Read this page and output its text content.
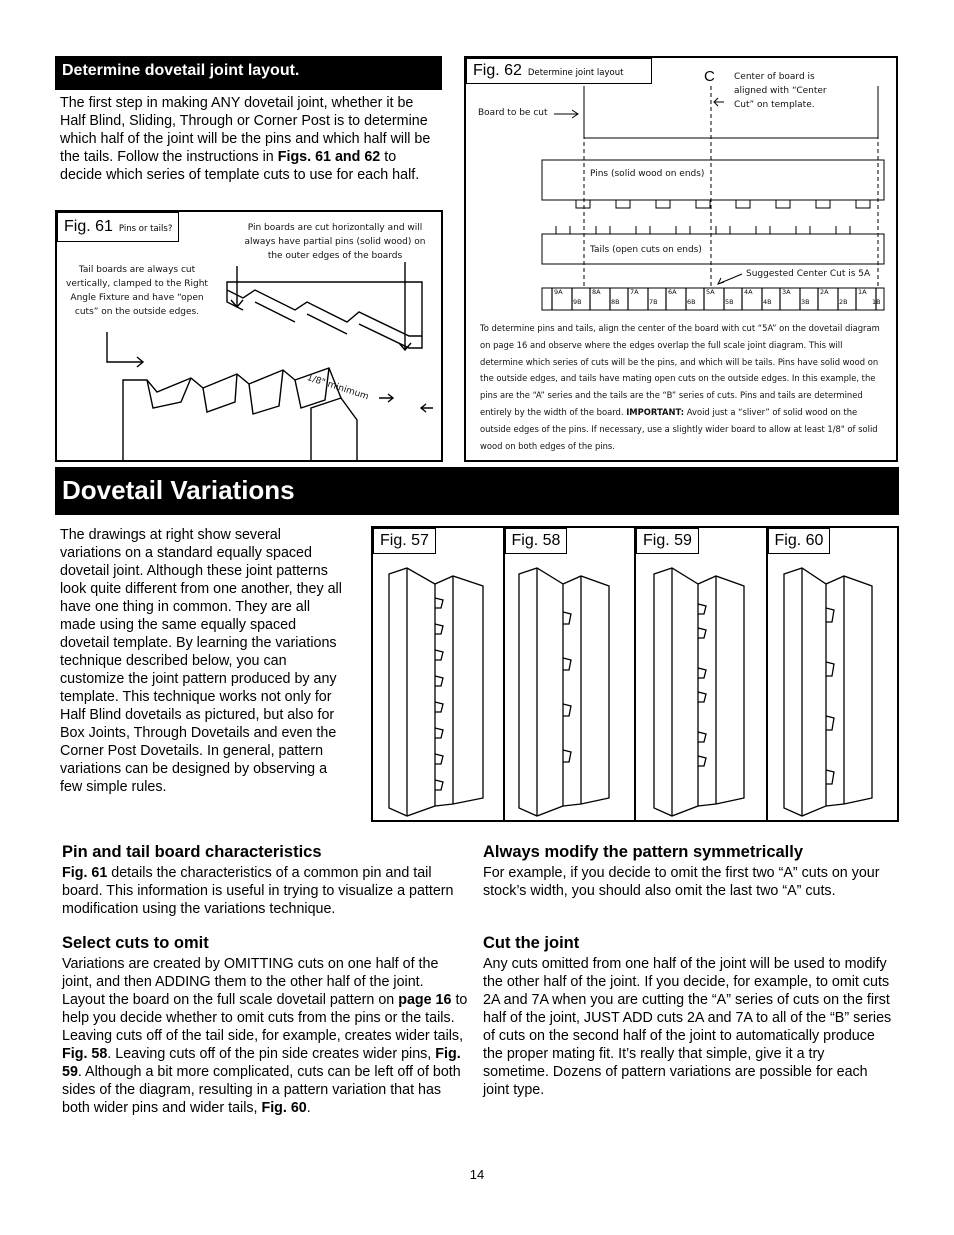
Determine dovetail joint layout.
The first step in making ANY dovetail joint, whether it be Half Blind, Sliding, Through or Corner Post is to determine which half of the joint will be the pins and which half will be the tails. Follow the instructions in Figs. 61 and 62 to decide which series of template cuts to use for each half.
Fig. 61 Pins or tails?	Pin boards are cut horizontally and will always have partial pins (solid wood) on the outer edges of the boards
Tail boards are always cut vertically, clamped to the Right Angle Fixture and have “open cuts” on the outside edges.
1/8" minimum
Fig. 62 Determine joint layout	C Center of board is aligned with “Center Cut” on template.
Board to be cut
Pins (solid wood on ends)
Tails (open cuts on ends)
Suggested Center Cut is 5A
9A	8A	7A	6A	5A	4A	3A	2A	1A
9B	8B	7B	6B	5B	4B	3B	2B	1B
To determine pins and tails, align the center of the board with cut “5A” on the dovetail diagram on page 16 and observe where the edges overlap the full scale joint diagram. This will determine which series of cuts will be the pins, and which will be tails. Pins have solid wood on the outside edges, and tails have mating open cuts on the outside edges. In this example, the pins are the “A” series and the tails are the “B” series of cuts. Pins and tails are determined entirely by the width of the board. IMPORTANT: Avoid just a “sliver” of solid wood on the outside edges of the pins. If necessary, use a slightly wider board to allow at least 1/8" of solid wood on both edges of the pins.
Dovetail Variations
The drawings at right show several variations on a standard equally spaced dovetail joint. Although these joint patterns look quite different from one another, they all have one thing in common. They are all made using the same equally spaced dovetail template. By learning the variations technique described below, you can customize the joint pattern produced by any template. This technique works not only for Half Blind dovetails as pictured, but also for Box Joints, Through Dovetails and even the Corner Post Dovetails. In general, pattern variations can be designed by observing a few simple rules.
Fig. 57	Fig. 58	Fig. 59	Fig. 60
Pin and tail board characteristics
Fig. 61 details the characteristics of a common pin and tail board. This information is useful in trying to visualize a pattern modification using the variations technique.
Select cuts to omit
Variations are created by OMITTING cuts on one half of the joint, and then ADDING them to the other half of the joint. Layout the board on the full scale dovetail pattern on page 16 to help you decide whether to omit cuts from the pins or the tails. Leaving cuts off of the tail side, for example, creates wider tails, Fig. 58. Leaving cuts off of the pin side creates wider pins, Fig. 59. Although a bit more complicated, cuts can be left off of both sides of the diagram, resulting in a pattern variation that has both wider pins and wider tails, Fig. 60.
Always modify the pattern symmetrically
For example, if you decide to omit the first two “A” cuts on your stock’s width, you should also omit the last two “A” cuts.
Cut the joint
Any cuts omitted from one half of the joint will be used to modify the other half of the joint. If you decide, for example, to omit cuts 2A and 7A when you are cutting the “A” series of cuts on the first half of the joint, JUST ADD cuts 2A and 7A to all of the “B” series of cuts on the second half of the joint to automatically produce the proper mating fit. It’s really that simple, give it a try sometime. Dozens of pattern variations are possible for each joint type.
14
